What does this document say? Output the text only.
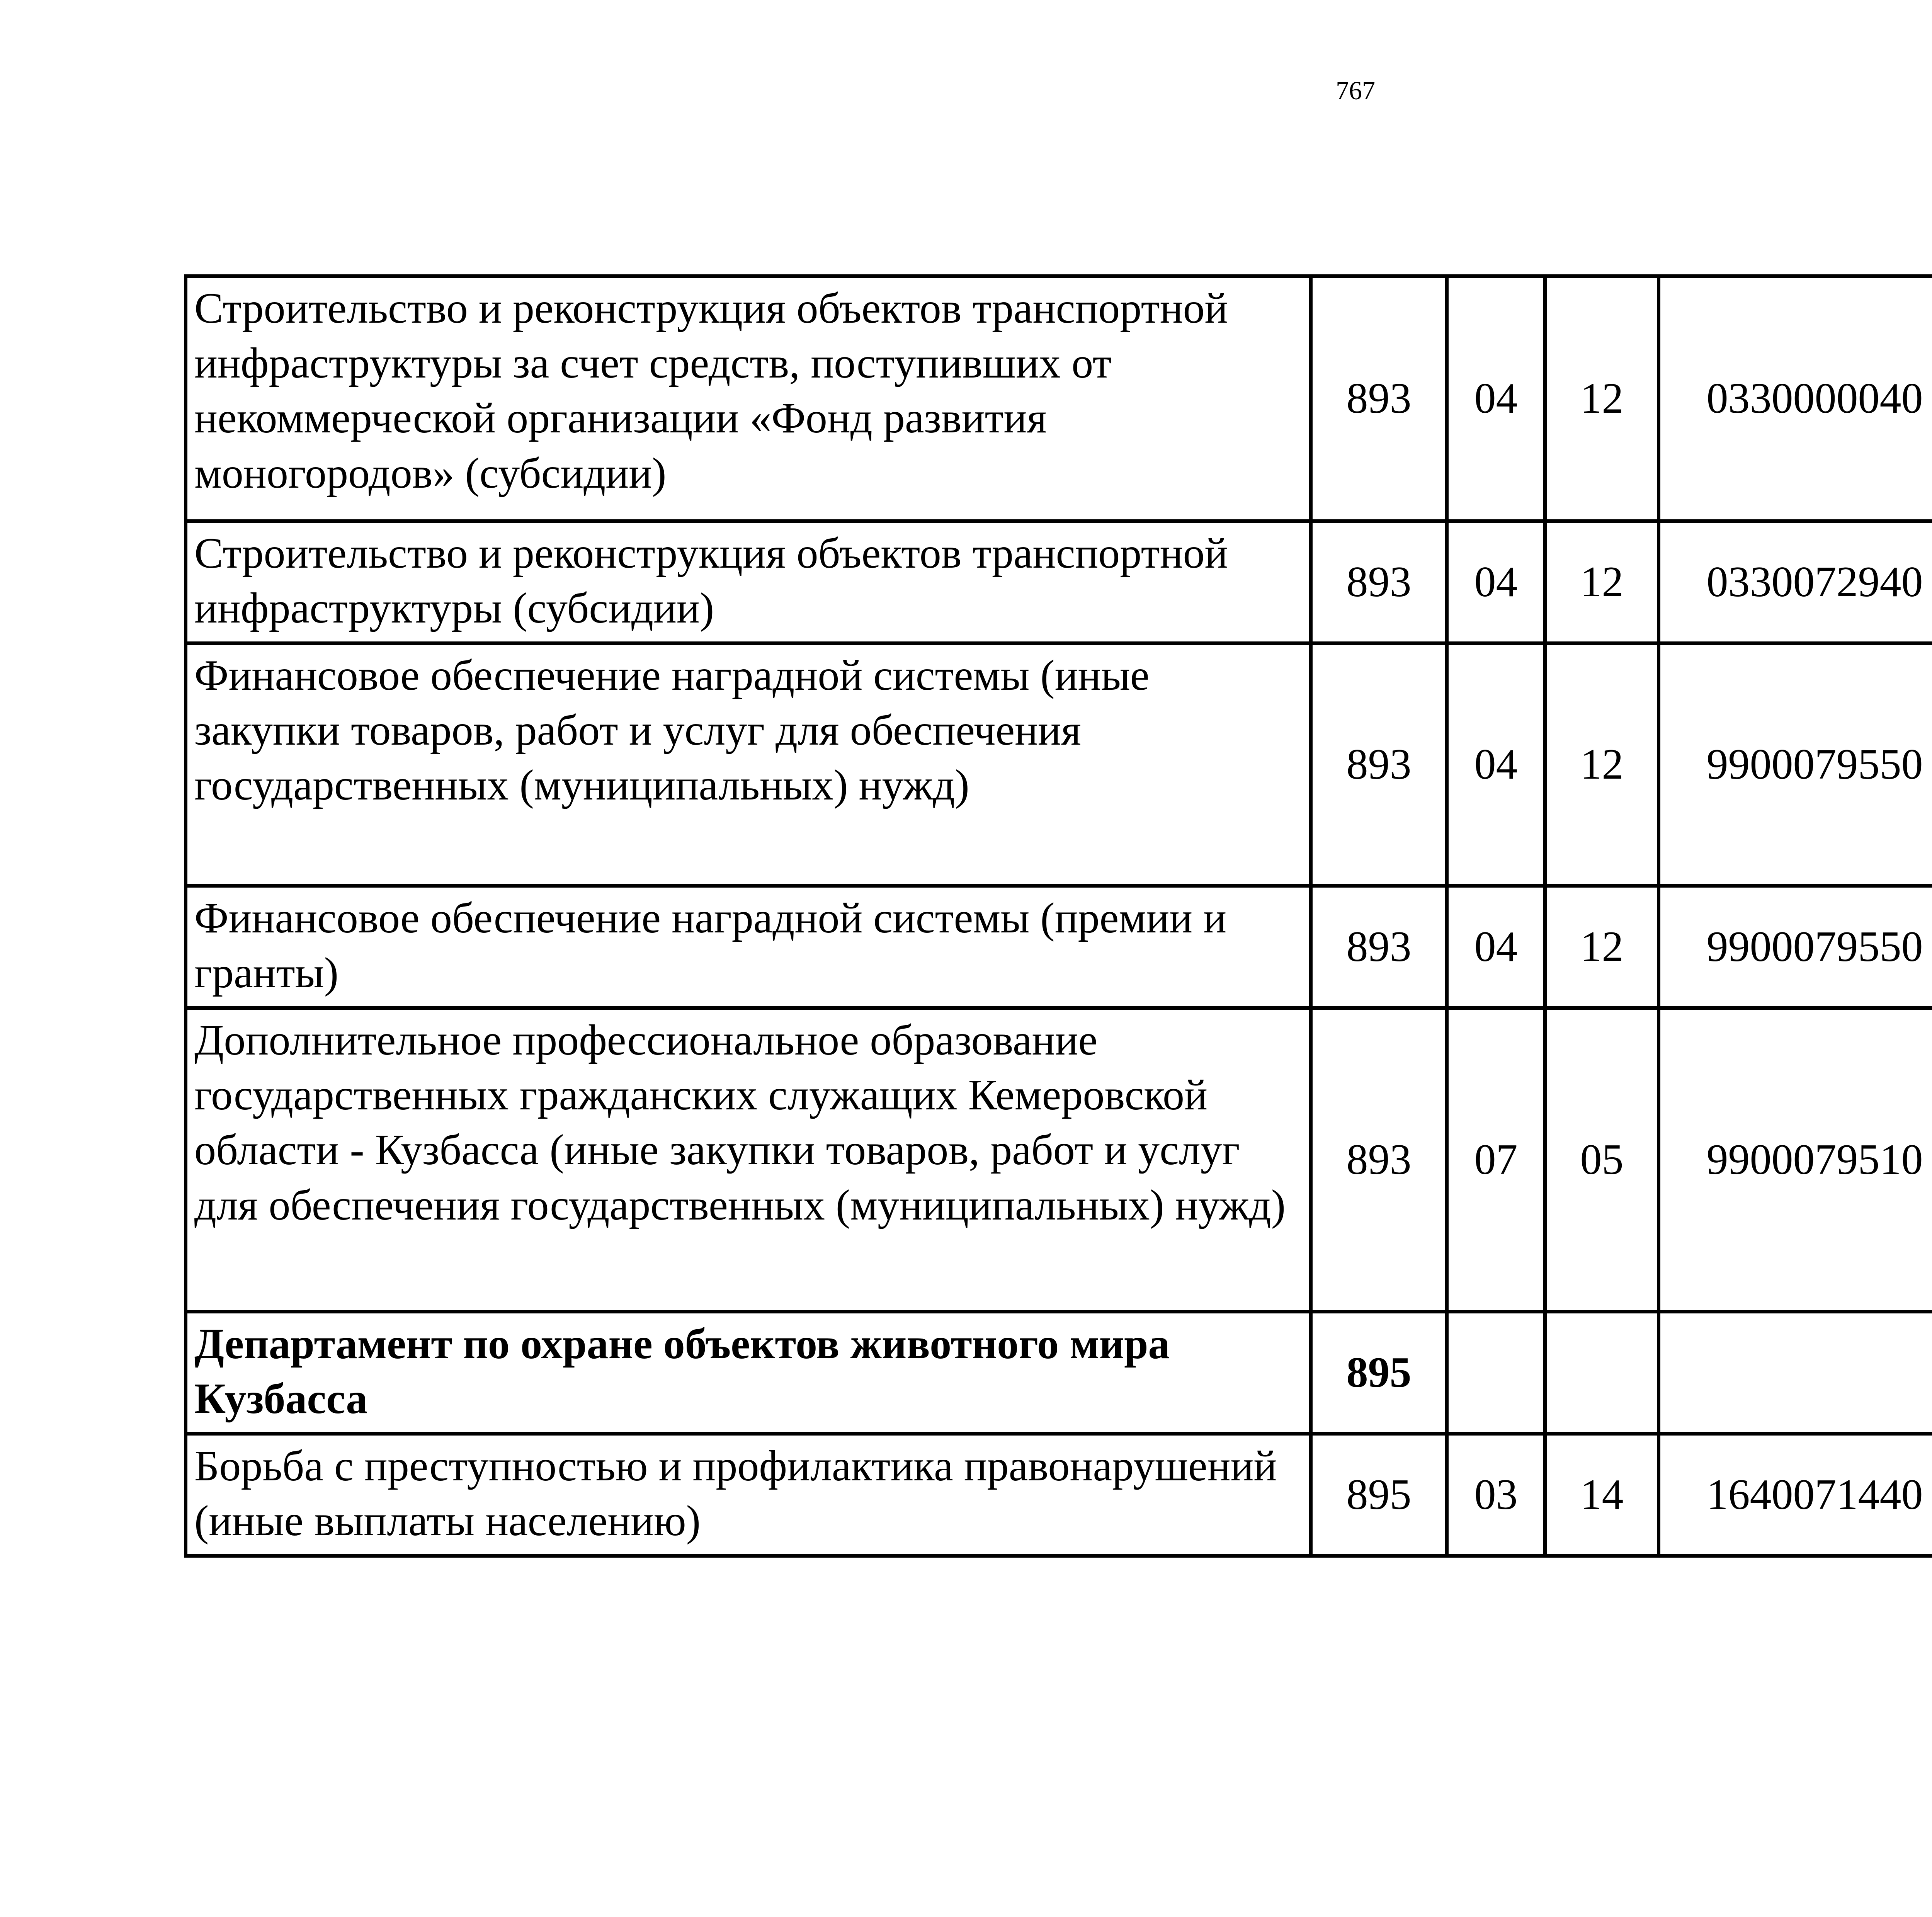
767
Строительство и реконструкция объектов транспортной инфраструктуры за счет средств, поступивших от некоммерческой организации «Фонд развития моногородов» (субсидии)	893	04	12	0330000040		
Строительство и реконструкция объектов транспортной инфраструктуры (субсидии)	893	04	12	0330072940		
Финансовое обеспечение наградной системы (иные закупки товаров, работ и услуг для обеспечения государственных (муниципальных) нужд)	893	04	12	9900079550		
Финансовое обеспечение наградной системы (премии и гранты)	893	04	12	9900079550		
Дополнительное профессиональное образование государственных гражданских служащих Кемеровской области - Кузбасса (иные закупки товаров, работ и услуг для обеспечения государственных (муниципальных) нужд)	893	07	05	9900079510		
Департамент по охране объектов животного мира Кузбасса	895					
Борьба с преступностью и профилактика правонарушений (иные выплаты населению)	895	03	14	1640071440		
